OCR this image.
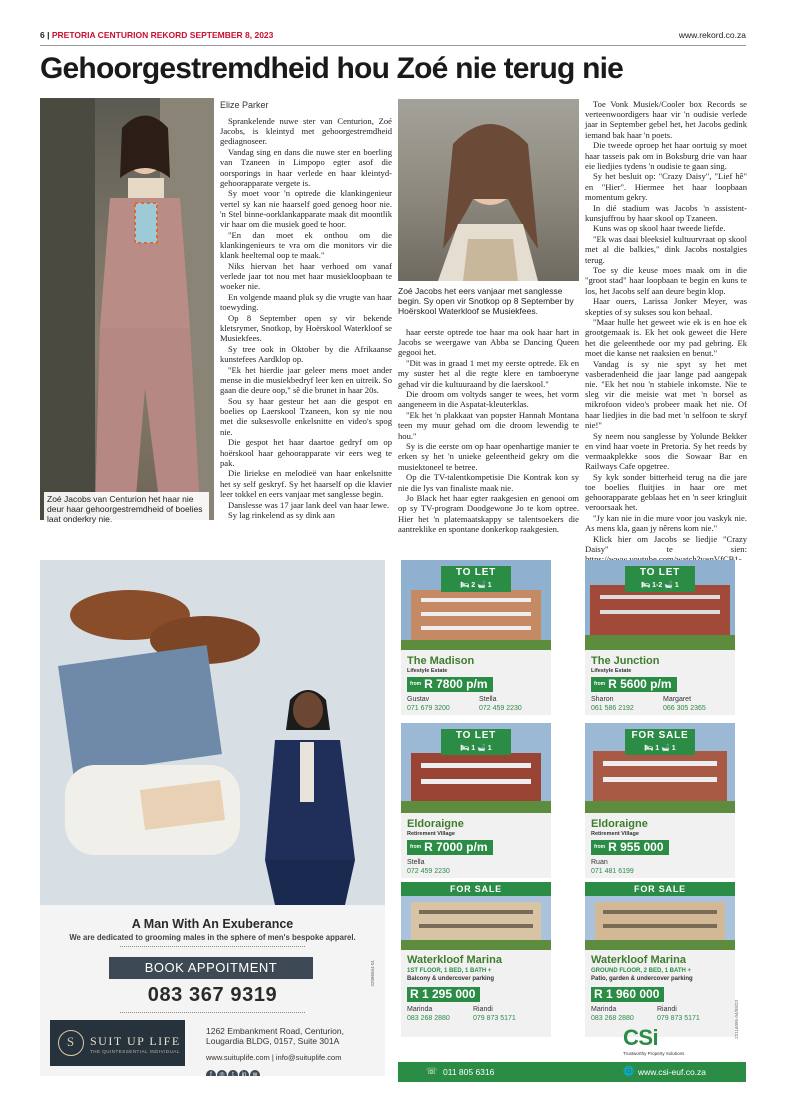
6 | PRETORIA CENTURION REKORD SEPTEMBER 8, 2023	www.rekord.co.za
Gehoorgestremdheid hou Zoé nie terug nie
Zoé Jacobs van Centurion het haar nie deur haar gehoorgestremdheid of boelies laat onderkry nie.
Zoé Jacobs het eers vanjaar met sanglesse begin. Sy open vir Snotkop op 8 September by Hoërskool Waterkloof se Musiekfees.
Elize Parker

Sprankelende nuwe ster van Centurion, Zoé Jacobs, is kleintyd met gehoorgestremdheid gediagnoseer.

Vandag sing en dans die nuwe ster en boerling van Tzaneen in Limpopo egter asof die oorsporings in haar verlede en haar kleintyd-gehoorapparate vergete is.

Sy moet voor 'n optrede die klankingenieur vertel sy kan nie haarself goed genoeg hoor nie. 'n Stel binne-oorklankapparate maak dit moontlik vir haar om die musiek goed te hoor.

"En dan moet ek onthou om die klankingenieurs te vra om die monitors vir die klank heeltemal oop te maak."

Niks hiervan het haar verhoed om vanaf verlede jaar tot nou met haar musiekloopbaan te woeker nie.

En volgende maand pluk sy die vrugte van haar toewyding.

Op 8 September open sy vir bekende kletsrymer, Snotkop, by Hoërskool Waterkloof se Musiekfees.

Sy tree ook in Oktober by die Afrikaanse kunstefees Aardklop op.

"Ek het hierdie jaar geleer mens moet ander mense in die musiekbedryf leer ken en uitreik. So gaan die deure oop," sê die brunet in haar 20s.

Sou sy haar gesteur het aan die gespot en boelies op Laerskool Tzaneen, kon sy nie nou met die suksesvolle enkelsnitte en video's spog nie.

Die gespot het haar daartoe gedryf om op hoërskool haar gehoorapparate vir eers weg te pak.

Die liriekse en melodieë van haar enkelsnitte het sy self geskryf. Sy het haarself op die klavier leer tokkel en eers vanjaar met sanglesse begin.

Danslesse was 17 jaar lank deel van haar lewe.

Sy lag rinkelend as sy dink aan

haar eerste optrede toe haar ma ook haar hart in Jacobs se weergawe van Abba se Dancing Queen gegooi het.

"Dit was in graad 1 met my eerste optrede. Ek en my suster het al die regte klere en tamboeryne gehad vir die kultuuraand by die laerskool."

Die droom om voltyds sanger te wees, het vorm aangeneem in die Aspatat-kleuterklas.

"Ek het 'n plakkaat van popster Hannah Montana teen my muur gehad om die droom lewendig te hou."

Sy is die eerste om op haar openhartige manier te erken sy het 'n unieke geleentheid gekry om die musiektoneel te betree.

Op die TV-talentkompetisie Die Kontrak kon sy nie die lys van finaliste maak nie.

Jo Black het haar egter raakgesien en genooi om op sy TV-program Doodgewone Jo te kom optree. Hier het 'n platemaatskappy se talentsoekers die aantreklike en spontane donkerkop raakgesien.

Toe Vonk Musiek/Cooler box Records se verteenwoordigers haar vir 'n oudisie verlede jaar in September gebel het, het Jacobs gedink iemand bak haar 'n poets.

Die tweede oproep het haar oortuig sy moet haar tasseis pak om in Boksburg drie van haar eie liedjies tydens 'n oudisie te gaan sing.

Sy het besluit op: "Crazy Daisy", "Lief hê" en "Hier". Hiermee het haar loopbaan momentum gekry.

In dié stadium was Jacobs 'n assistent-kunsjuffrou by haar skool op Tzaneen.

Kuns was op skool haar tweede liefde.

"Ek was daai bleeksiel kultuurvraat op skool met al die balkies," dink Jacobs nostalgies terug.

Toe sy die keuse moes maak om in die "groot stad" haar loopbaan te begin en kuns te los, het Jacobs self aan deure begin klop.

Haar ouers, Larissa Jonker Meyer, was skepties of sy sukses sou kon behaal.

"Maar hulle het geweet wie ek is en hoe ek grootgemaak is. Ek het ook geweet die Here het die geleenthede oor my pad gebring. Ek moet die kanse net raaksien en benut."

Vandag is sy nie spyt sy het met vasberadenheid die jaar lange pad aangepak nie. "Ek het nou 'n stabiele inkomste. Nie te sleg vir die meisie wat met 'n borsel as mikrofoon video's probeer maak het nie. Of haar liedjies in die bad met 'n selfoon te skryf nie!"

Sy neem nou sanglesse by Yolunde Bekker en vind haar voete in Pretoria. Sy het reeds by vermaakplekke soos die Sowaar Bar en Railways Cafe opgetree.

Sy kyk sonder bitterheid terug na die jare toe boelies fluitjies in haar ore met gehoorapparate geblaas het en 'n seer kringluit veroorsaak het.

"Jy kan nie in die mure voor jou vaskyk nie. As mens kla, gaan jy nêrens kom nie."

Klick hier om Jacobs se liedjie "Crazy Daisy" te sien:

A Man With An Exuberance
We are dedicated to grooming males in the sphere of men's bespoke apparel.
BOOK APPOITMENT
083 367 9319
S	SUIT UP LIFE
THE QUINTESSENTIAL INDIVIDUAL
1262 Embankment Road, Centurion, Lougardia BLDG, 0157, Suite 301A
www.suituplife.com | info@suituplife.com
f ◎ t in w
22086564-01
TO LET
🛏 2 🛁 1
The Madison
Lifestyle Estate
from R 7800 p/m
Gustav
071 679 3200
Stella
072 459 2230
TO LET
🛏 1-2 🛁 1
The Junction
Lifestyle Estate
from R 5600 p/m
Sharon
061 586 2192
Margaret
066 305 2365
TO LET
🛏 1 🛁 1
Eldoraigne
Retirement Village
from R 7000 p/m
Stella
072 459 2230
FOR SALE
🛏 1 🛁 1
Eldoraigne
Retirement Village
from R 955 000
Ruan
071 481 6199
FOR SALE
Waterkloof Marina
1ST FLOOR, 1 BED, 1 BATH +
Balcony & undercover parking
R 1 295 000
Marinda
083 268 2880
Riandi
079 873 5171
FOR SALE
Waterkloof Marina
GROUND FLOOR, 2 BED, 1 BATH +
Patio, garden & undercover parking
R 1 960 000
Marinda
083 268 2880
Riandi
079 873 5171
CSi
Trustworthy Property Solutions
22116095-04/09/23
☏ 011 805 6316	🌐 www.csi-euf.co.za
